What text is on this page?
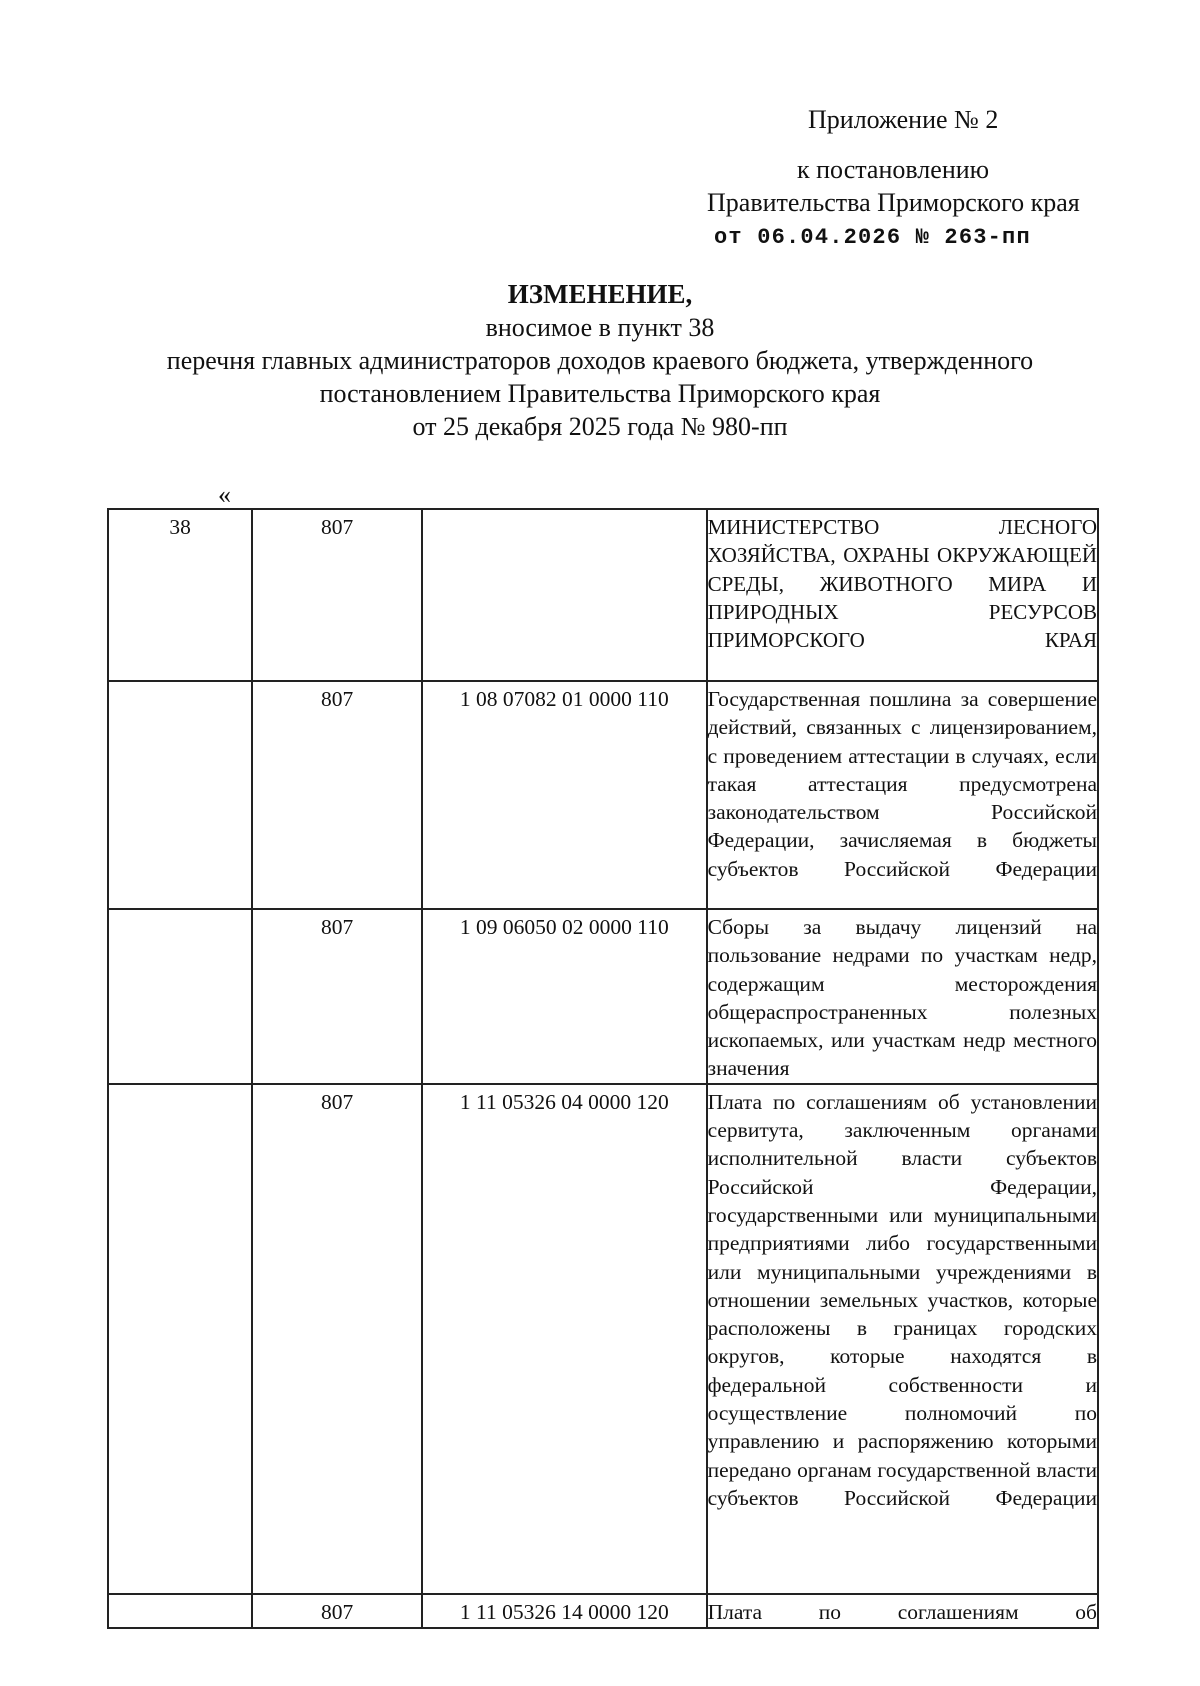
Приложение № 2
к постановлению
Правительства Приморского края
от 06.04.2026 № 263-пп
ИЗМЕНЕНИЕ,
вносимое в пункт 38
перечня главных администраторов доходов краевого бюджета, утвержденного
постановлением Правительства Приморского края
от 25 декабря 2025 года № 980-пп
«
38	807		МИНИСТЕРСТВО ЛЕСНОГО ХОЗЯЙСТВА, ОХРАНЫ ОКРУЖАЮЩЕЙ СРЕДЫ, ЖИВОТНОГО МИРА И ПРИРОДНЫХ РЕСУРСОВ ПРИМОРСКОГО КРАЯ

	807	1 08 07082 01 0000 110	Государственная пошлина за совершение действий, связанных с лицензированием, с проведением аттестации в случаях, если такая аттестация предусмотрена законодательством Российской Федерации, зачисляемая в бюджеты субъектов Российской Федерации

	807	1 09 06050 02 0000 110	Сборы за выдачу лицензий на пользование недрами по участкам недр, содержащим месторождения общераспространенных полезных ископаемых, или участкам недр местного значения

	807	1 11 05326 04 0000 120	Плата по соглашениям об установлении сервитута, заключенным органами исполнительной власти субъектов Российской Федерации, государственными или муниципальными предприятиями либо государственными или муниципальными учреждениями в отношении земельных участков, которые расположены в границах городских округов, которые находятся в федеральной собственности и осуществление полномочий по управлению и распоряжению которыми передано органам государственной власти субъектов Российской Федерации

	807	1 11 05326 14 0000 120	Плата по соглашениям об
